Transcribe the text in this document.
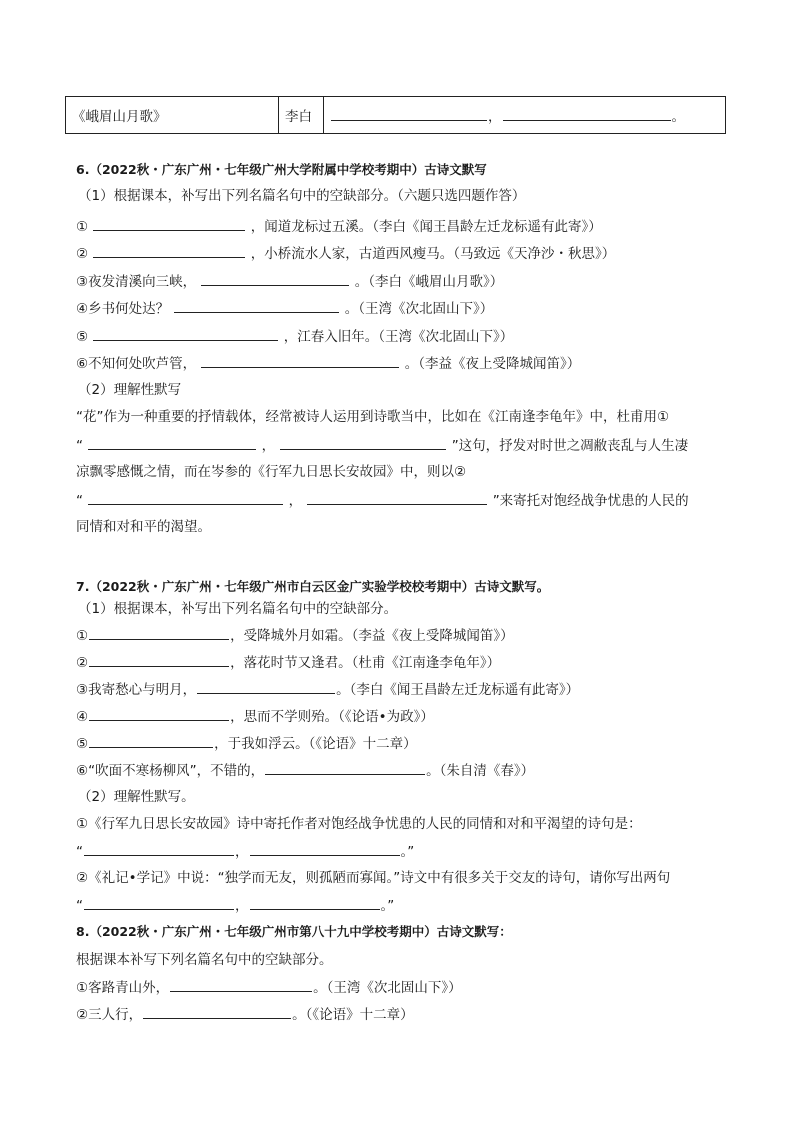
《峨眉山月歌》	李白	，	。
6.（2022秋・广东广州・七年级广州大学附属中学校考期中）古诗文默写
（1）根据课本，补写出下列名篇名句中的空缺部分。（六题只选四题作答）
①	，闻道龙标过五溪。（李白《闻王昌龄左迁龙标遥有此寄》）
②	，小桥流水人家，古道西风瘦马。（马致远《天净沙・秋思》）
③夜发清溪向三峡，	。（李白《峨眉山月歌》）
④乡书何处达？	。（王湾《次北固山下》）
⑤	，江春入旧年。（王湾《次北固山下》）
⑥不知何处吹芦管，	。（李益《夜上受降城闻笛》）
（2）理解性默写
“花”作为一种重要的抒情载体，经常被诗人运用到诗歌当中，比如在《江南逢李龟年》中，杜甫用①
“	，	”这句，抒发对时世之凋敝丧乱与人生凄
凉飘零感慨之情，而在岑参的《行军九日思长安故园》中，则以②
“	，	”来寄托对饱经战争忧患的人民的
同情和对和平的渴望。
7.（2022秋・广东广州・七年级广州市白云区金广实验学校校考期中）古诗文默写。
（1）根据课本，补写出下列名篇名句中的空缺部分。
①	，受降城外月如霜。（李益《夜上受降城闻笛》）
②	，落花时节又逢君。（杜甫《江南逢李龟年》）
③我寄愁心与明月，	。（李白《闻王昌龄左迁龙标遥有此寄》）
④	，思而不学则殆。（《论语•为政》）
⑤	，于我如浮云。（《论语》十二章）
⑥“吹面不寒杨柳风”，不错的，	。（朱自清《春》）
（2）理解性默写。
①《行军九日思长安故园》诗中寄托作者对饱经战争忧患的人民的同情和对和平渴望的诗句是：
“	，	。”
②《礼记•学记》中说：“独学而无友，则孤陋而寡闻。”诗文中有很多关于交友的诗句，请你写出两句
“	，	。”
8.（2022秋・广东广州・七年级广州市第八十九中学校考期中）古诗文默写：
根据课本补写下列名篇名句中的空缺部分。
①客路青山外，	。（王湾《次北固山下》）
②三人行，	。（《论语》十二章）
